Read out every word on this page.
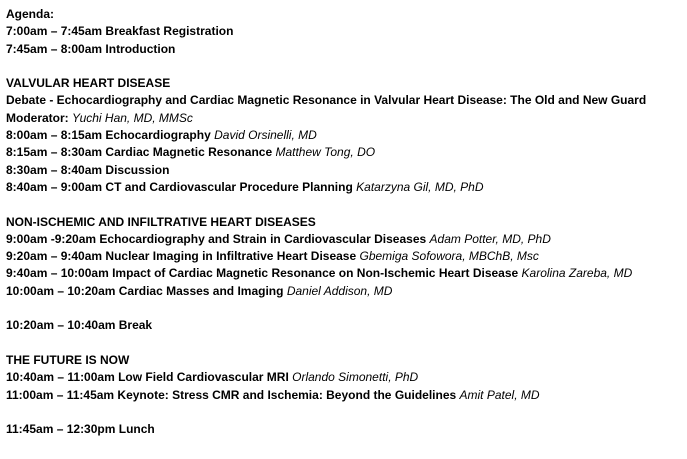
Agenda:
7:00am – 7:45am Breakfast Registration
7:45am – 8:00am Introduction
VALVULAR HEART DISEASE
Debate - Echocardiography and Cardiac Magnetic Resonance in Valvular Heart Disease: The Old and New Guard
Moderator: Yuchi Han, MD, MMSc
8:00am – 8:15am Echocardiography David Orsinelli, MD
8:15am – 8:30am Cardiac Magnetic Resonance Matthew Tong, DO
8:30am – 8:40am Discussion
8:40am – 9:00am CT and Cardiovascular Procedure Planning Katarzyna Gil, MD, PhD
NON-ISCHEMIC AND INFILTRATIVE HEART DISEASES
9:00am -9:20am Echocardiography and Strain in Cardiovascular Diseases Adam Potter, MD, PhD
9:20am – 9:40am Nuclear Imaging in Infiltrative Heart Disease Gbemiga Sofowora, MBChB, Msc
9:40am – 10:00am Impact of Cardiac Magnetic Resonance on Non-Ischemic Heart Disease Karolina Zareba, MD
10:00am – 10:20am Cardiac Masses and Imaging Daniel Addison, MD
10:20am – 10:40am Break
THE FUTURE IS NOW
10:40am – 11:00am Low Field Cardiovascular MRI Orlando Simonetti, PhD
11:00am – 11:45am Keynote: Stress CMR and Ischemia: Beyond the Guidelines Amit Patel, MD
11:45am – 12:30pm Lunch
